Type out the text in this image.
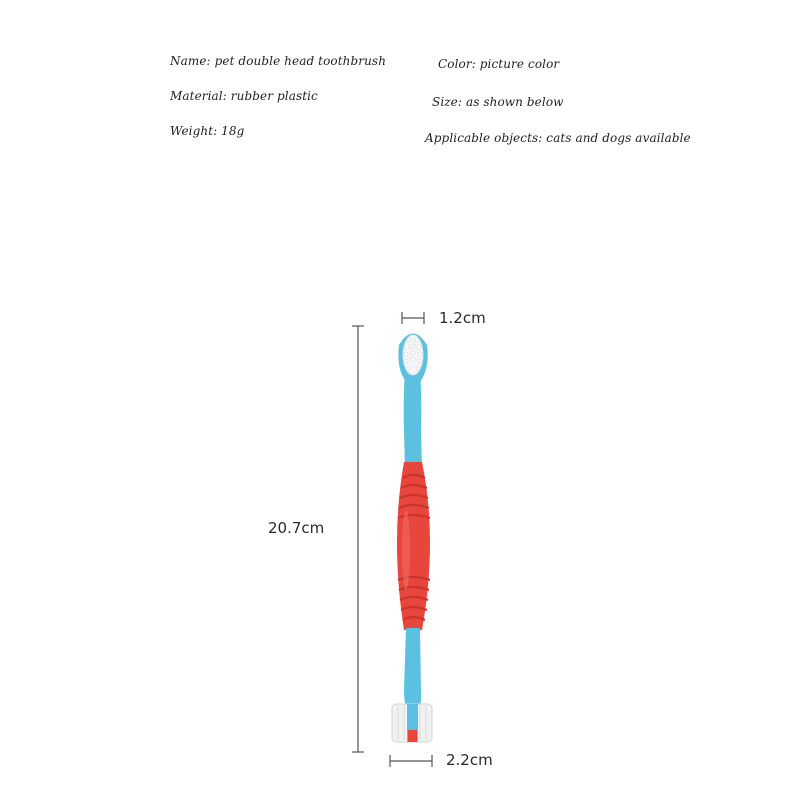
Name: pet double head toothbrush
Material: rubber plastic
Weight: 18g
Color: picture color
Size: as shown below
Applicable objects: cats and dogs available
1.2cm
20.7cm
2.2cm
